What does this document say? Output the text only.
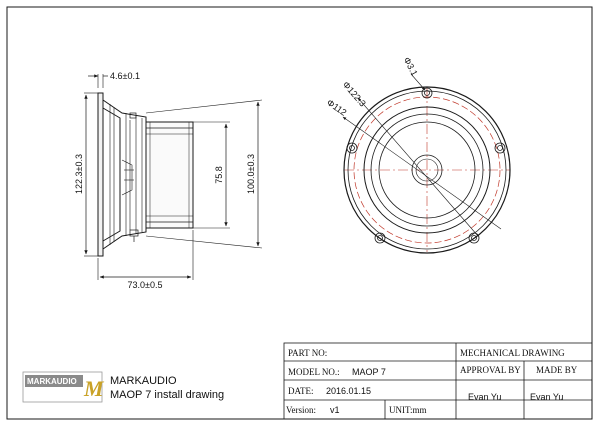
4.6±0.1
122.3±0.3
73.0±0.5
75.8 100.0±0.3
Φ3.1
Φ122.3
Φ112
PART NO:
MODEL NO.: MAOP 7
DATE: 2016.01.15
Version: v1	UNIT:mm
MECHANICAL DRAWING
APPROVAL BY MADE BY
Evan Yu	Evan Yu
MARKAUDIO M MARKAUDIO
MAOP 7 install drawing
